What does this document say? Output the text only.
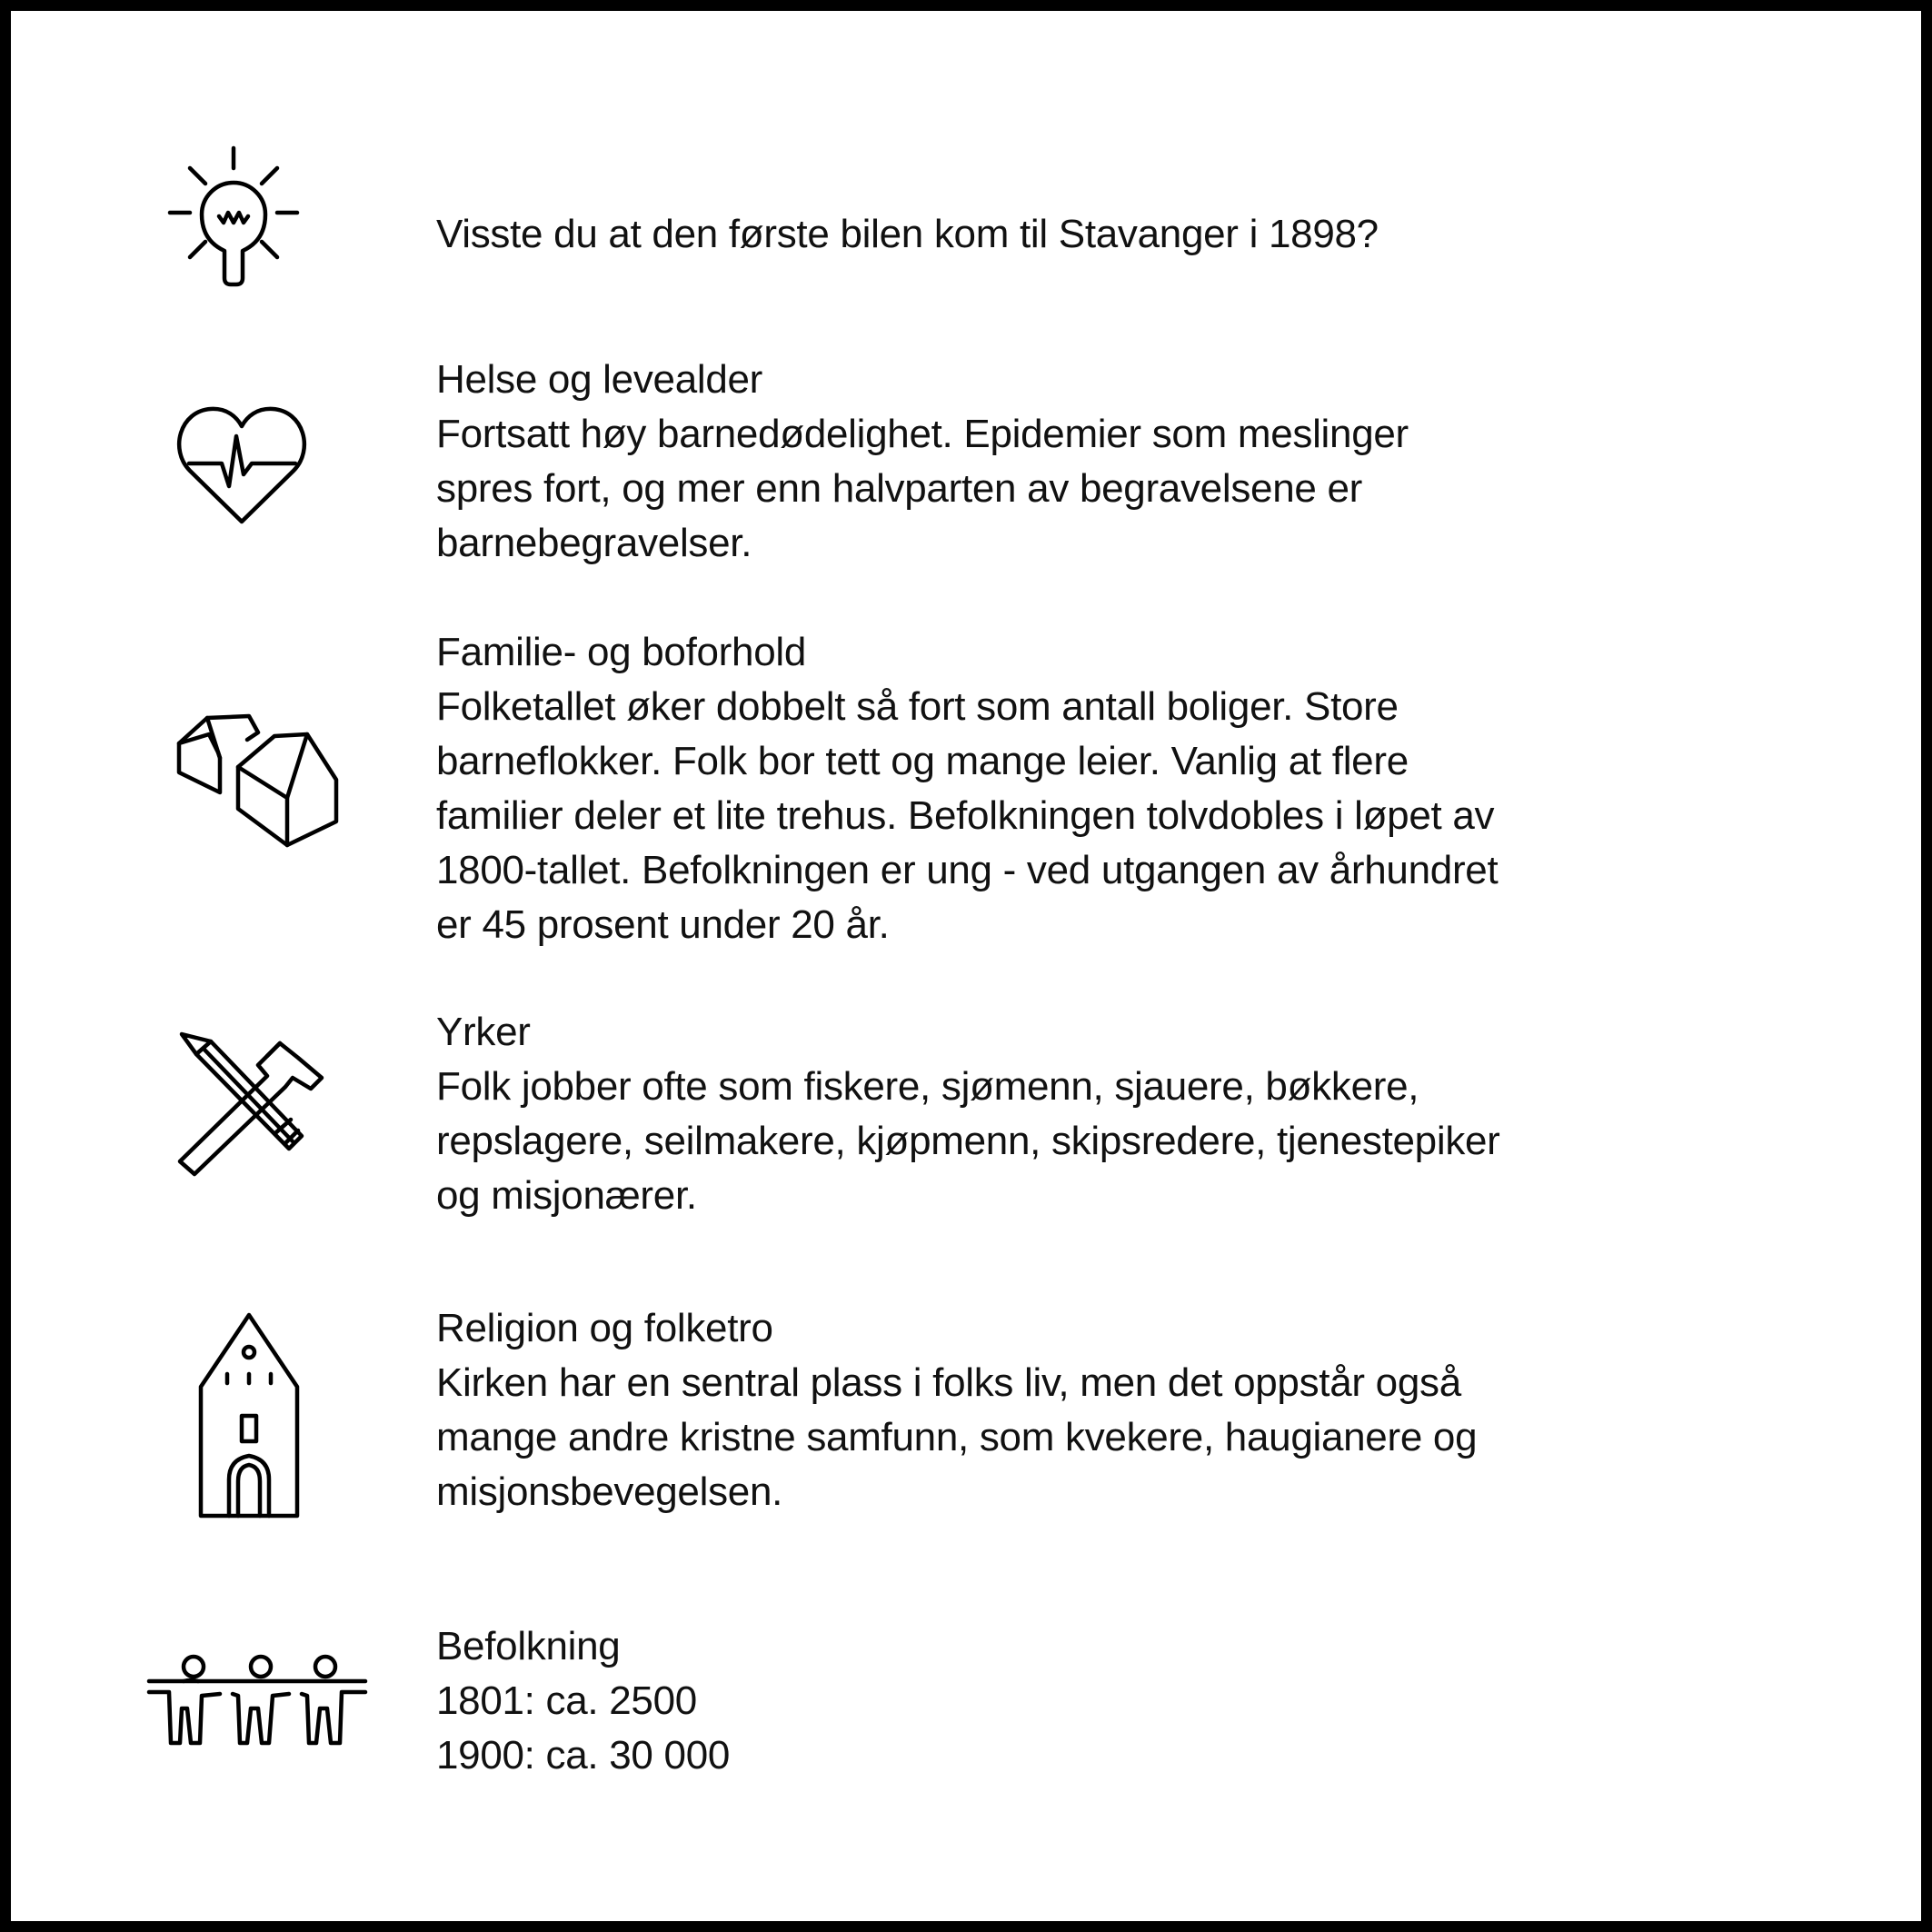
Visste du at den første bilen kom til Stavanger i 1898?

Helse og levealder

Fortsatt høy barnedødelighet. Epidemier som meslinger

spres fort, og mer enn halvparten av begravelsene er

barnebegravelser.

Familie- og boforhold

Folketallet øker dobbelt så fort som antall boliger. Store

barneflokker. Folk bor tett og mange leier. Vanlig at flere

familier deler et lite trehus. Befolkningen tolvdobles i løpet av

1800-tallet. Befolkningen er ung - ved utgangen av århundret

er 45 prosent under 20 år.

Yrker

Folk jobber ofte som fiskere, sjømenn, sjauere, bøkkere,

repslagere, seilmakere, kjøpmenn, skipsredere, tjenestepiker

og misjonærer.

Religion og folketro

Kirken har en sentral plass i folks liv, men det oppstår også

mange andre kristne samfunn, som kvekere, haugianere og

misjonsbevegelsen.

Befolkning

1801: ca. 2500

1900: ca. 30 000
